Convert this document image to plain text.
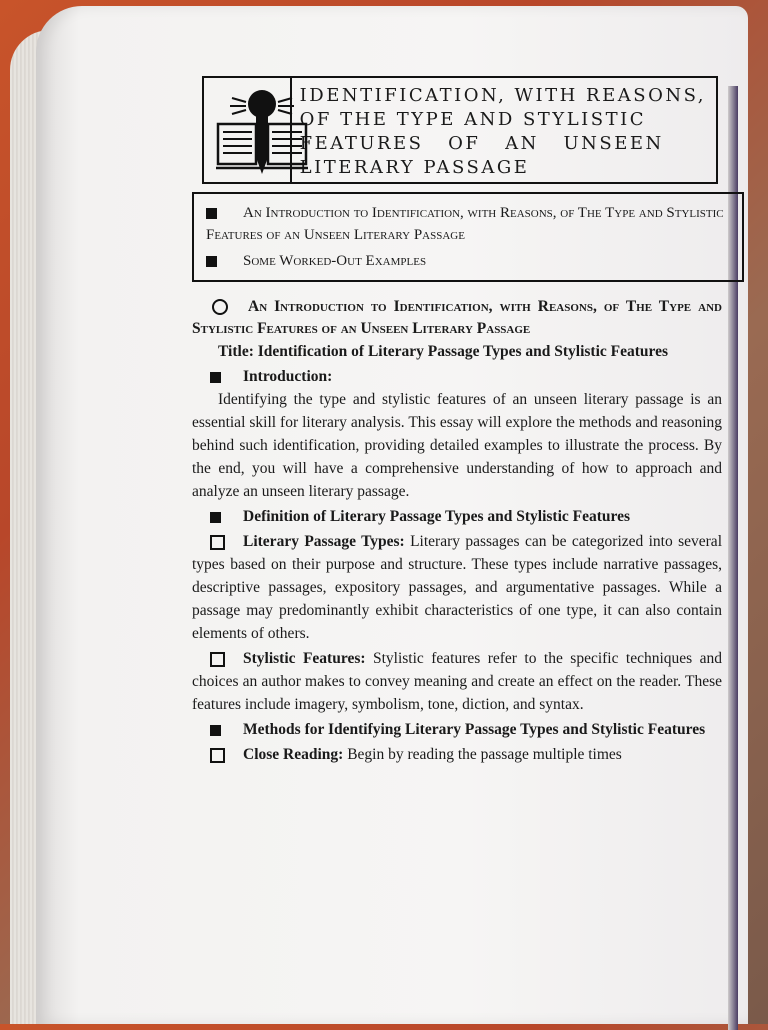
IDENTIFICATION, WITH REASONS,
OF THE TYPE AND STYLISTIC
FEATURES   OF   AN   UNSEEN
LITERARY PASSAGE
An Introduction to Identification, with Reasons, of The Type and Stylistic Features of an Unseen Literary Passage
Some Worked-Out Examples

An Introduction to Identification, with Reasons, of The Type and Stylistic Features of an Unseen Literary Passage

Title: Identification of Literary Passage Types and Stylistic Features

Introduction:

Identifying the type and stylistic features of an unseen literary passage is an essential skill for literary analysis. This essay will explore the methods and reasoning behind such identification, providing detailed examples to illustrate the process. By the end, you will have a comprehensive understanding of how to approach and analyze an unseen literary passage.

Definition of Literary Passage Types and Stylistic Features

Literary Passage Types: Literary passages can be categorized into several types based on their purpose and structure. These types include narrative passages, descriptive passages, expository passages, and argumentative passages. While a passage may predominantly exhibit characteristics of one type, it can also contain elements of others.

Stylistic Features: Stylistic features refer to the specific techniques and choices an author makes to convey meaning and create an effect on the reader. These features include imagery, symbolism, tone, diction, and syntax.

Methods for Identifying Literary Passage Types and Stylistic Features

Close Reading: Begin by reading the passage multiple times
